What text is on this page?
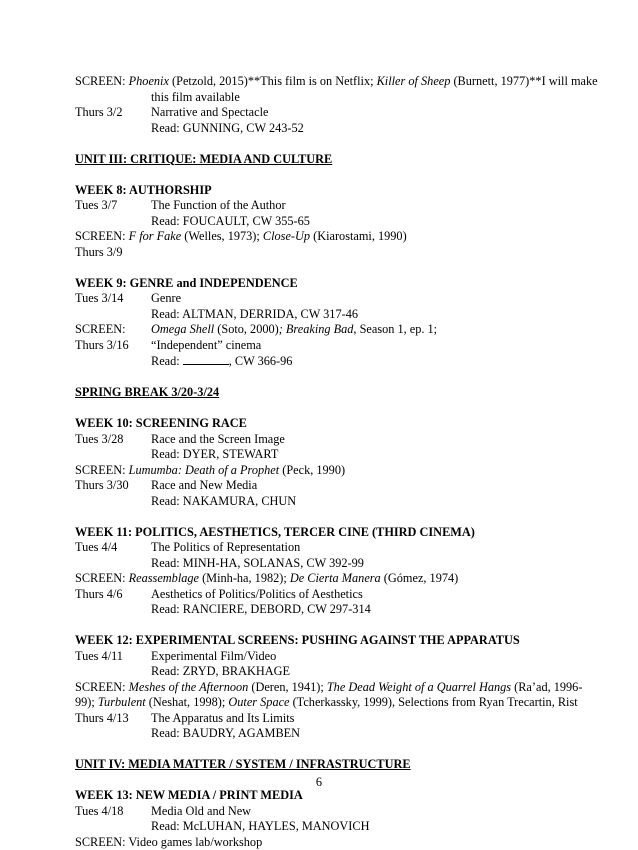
SCREEN: Phoenix (Petzold, 2015)**This film is on Netflix; Killer of Sheep (Burnett, 1977)**I will make
this film available
Thurs 3/2 Narrative and Spectacle
Read: GUNNING, CW 243-52
UNIT III: CRITIQUE: MEDIA AND CULTURE
WEEK 8: AUTHORSHIP
Tues 3/7	The Function of the Author
Read: FOUCAULT, CW 355-65
SCREEN: F for Fake (Welles, 1973); Close-Up (Kiarostami, 1990)
Thurs 3/9
WEEK 9: GENRE and INDEPENDENCE
Tues 3/14 Genre
Read: ALTMAN, DERRIDA, CW 317-46
SCREEN: Omega Shell (Soto, 2000); Breaking Bad, Season 1, ep. 1;
Thurs 3/16 “Independent” cinema
Read:	, CW 366-96
SPRING BREAK 3/20-3/24
WEEK 10: SCREENING RACE
Tues 3/28 Race and the Screen Image
Read: DYER, STEWART
SCREEN: Lumumba: Death of a Prophet (Peck, 1990)
Thurs 3/30 Race and New Media
Read: NAKAMURA, CHUN
WEEK 11: POLITICS, AESTHETICS, TERCER CINE (THIRD CINEMA)
Tues 4/4	The Politics of Representation
Read: MINH-HA, SOLANAS, CW 392-99
SCREEN: Reassemblage (Minh-ha, 1982); De Cierta Manera (Gómez, 1974)
Thurs 4/6 Aesthetics of Politics/Politics of Aesthetics
Read: RANCIERE, DEBORD, CW 297-314
WEEK 12: EXPERIMENTAL SCREENS: PUSHING AGAINST THE APPARATUS
Tues 4/11 Experimental Film/Video
Read: ZRYD, BRAKHAGE
SCREEN: Meshes of the Afternoon (Deren, 1941); The Dead Weight of a Quarrel Hangs (Ra’ad, 1996-
99); Turbulent (Neshat, 1998); Outer Space (Tcherkassky, 1999), Selections from Ryan Trecartin, Rist
Thurs 4/13 The Apparatus and Its Limits
Read: BAUDRY, AGAMBEN
UNIT IV: MEDIA MATTER / SYSTEM / INFRASTRUCTURE
WEEK 13: NEW MEDIA / PRINT MEDIA
Tues 4/18 Media Old and New
Read: McLUHAN, HAYLES, MANOVICH
SCREEN: Video games lab/workshop
6
